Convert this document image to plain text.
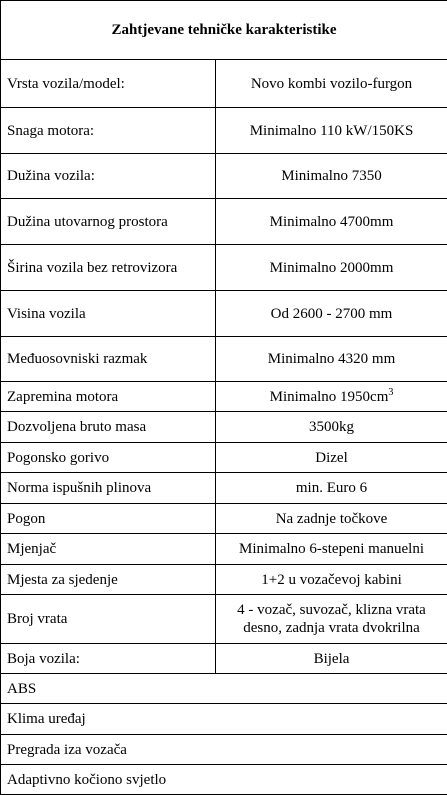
Zahtjevane tehničke karakteristike	
Vrsta vozila/model:	Novo kombi vozilo-furgon
Snaga motora:	Minimalno 110 kW/150KS
Dužina vozila:	Minimalno 7350
Dužina utovarnog prostora	Minimalno 4700mm
Širina vozila bez retrovizora	Minimalno 2000mm
Visina vozila	Od 2600 - 2700 mm
Međuosovniski razmak	Minimalno 4320 mm
Zapremina motora	Minimalno $1950cm^3$
Dozvoljena bruto masa	3500kg
Pogonsko gorivo	Dizel
Norma ispušnih plinova	min. Euro 6
Pogon	Na zadnje točkove
Mjenjač	Minimalno 6-stepeni manuelni
Mjesta za sjedenje	1+2 u vozačevoj kabini
Broj vrata	4 - vozač, suvozač, klizna vrata desno, zadnja vrata dvokrilna
Boja vozila:	Bijela
ABS	
Klima uređaj	
Pregrada iza vozača	
Adaptivno kočiono svjetlo	
